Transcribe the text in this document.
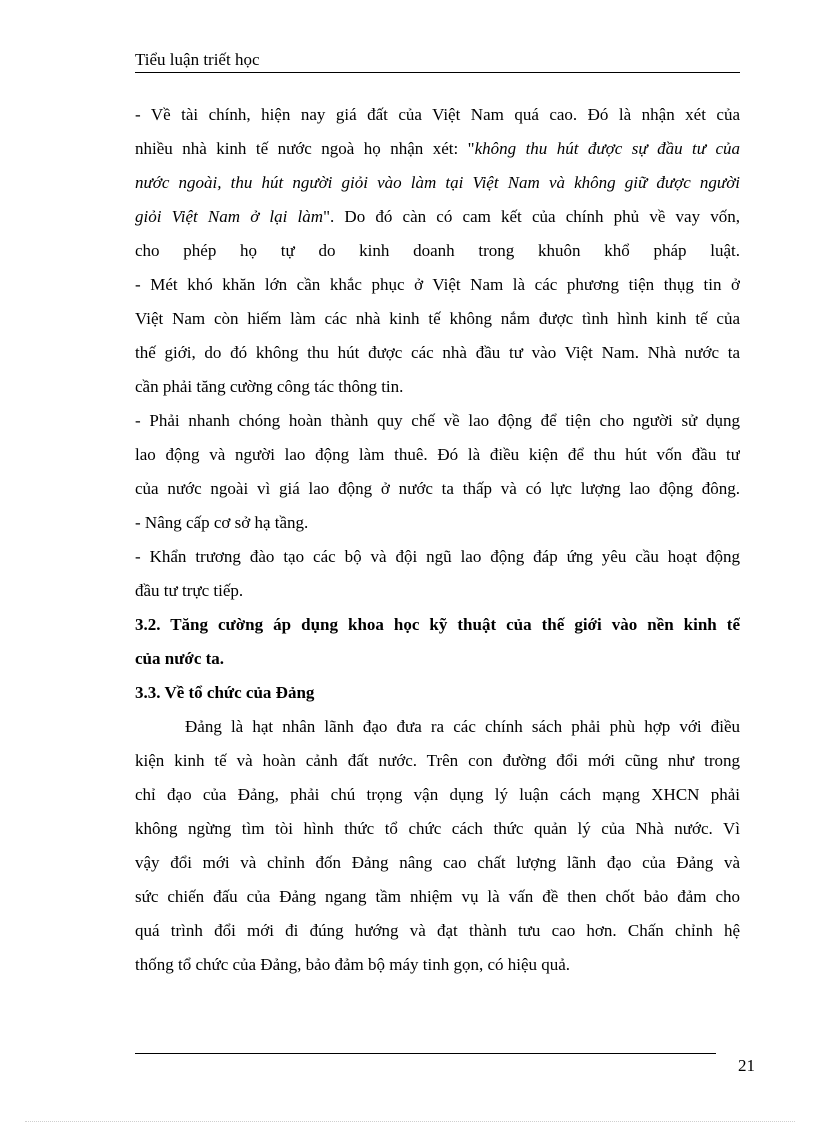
Tiểu luận triết học
- Về tài chính, hiện nay giá đất của Việt Nam quá cao. Đó là nhận xét của
nhiều nhà kinh tế nước ngoà họ nhận xét: "không thu hút được sự đầu tư của
nước ngoài, thu hút người giỏi vào làm tại Việt Nam và không giữ được người
giỏi Việt Nam ở lại làm". Do đó càn có cam kết của chính phủ về vay vốn,
cho phép họ tự do kinh doanh trong khuôn khổ pháp luật.
- Mét khó khăn lớn cần khắc phục ở Việt Nam là các phương tiện thụg tin ở
Việt Nam còn hiếm làm các nhà kinh tế không nắm được tình hình kinh tế của
thế giới, do đó không thu hút được các nhà đầu tư vào Việt Nam. Nhà nước ta
cần phải tăng cường công tác thông tin.
- Phải nhanh chóng hoàn thành quy chế về lao động để tiện cho người sử dụng
lao động và người lao động làm thuê. Đó là điều kiện để thu hút vốn đầu tư
của nước ngoài vì giá lao động ở nước ta thấp và có lực lượng lao động đông.
- Nâng cấp cơ sở hạ tầng.
- Khẩn trương đào tạo các bộ và đội ngũ lao động đáp ứng yêu cầu hoạt động
đầu tư trực tiếp.
3.2. Tăng cường áp dụng khoa học kỹ thuật của thế giới vào nền kinh tế
của nước ta.
3.3. Về tổ chức của Đảng
Đảng là hạt nhân lãnh đạo đưa ra các chính sách phải phù hợp với điều
kiện kinh tế và hoàn cảnh đất nước. Trên con đường đổi mới cũng như trong
chỉ đạo của Đảng, phải chú trọng vận dụng lý luận cách mạng XHCN phải
không ngừng tìm tòi hình thức tổ chức cách thức quản lý của Nhà nước. Vì
vậy đổi mới và chỉnh đốn Đảng nâng cao chất lượng lãnh đạo của Đảng và
sức chiến đấu của Đảng ngang tầm nhiệm vụ là vấn đề then chốt bảo đảm cho
quá trình đổi mới đi đúng hướng và đạt thành tưu cao hơn. Chấn chỉnh hệ
thống tổ chức của Đảng, bảo đảm bộ máy tinh gọn, có hiệu quả.
21
